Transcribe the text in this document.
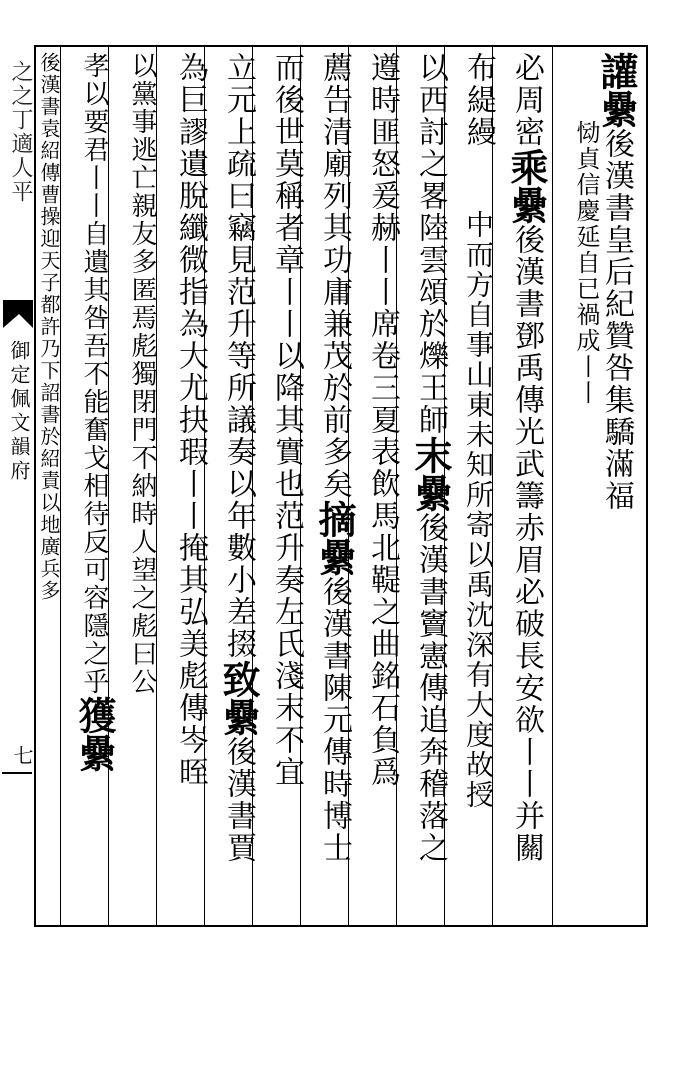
之之丁適人平
御定佩文韻府
七
讙纍後漢書皇后紀贊咎集驕滿福
恸貞信慶延自已禍成丨丨
必周密乘纍後漢書鄧禹傳光武籌赤眉必破長安欲丨丨并關
布緹縵
中而方自事山東未知所寄以禹沈深有大度故授
以西討之畧陸雲頌於爍王師末纍後漢書竇憲傳追奔稽落之
遵時匪怒爰赫丨丨席卷三夏表飲馬北鞮之曲銘石負爲
薦告清廟列其功庸兼茂於前多矣摘纍後漢書陳元傳時博士
而後世莫稱者章丨丨以降其實也范升奏左氏淺末不宜
立元上疏曰竊見范升等所議奏以年數小差掇致纍後漢書賈
為巨謬遺脫纖微指為大尤抉瑕丨丨掩其弘美彪傳岑晊
以黨事逃亡親友多匿焉彪獨閉門不納時人望之彪曰公
孝以要君丨丨自遺其咎吾不能奮戈相待反可容隱之乎獲纍
後漢書袁紹傳曹操迎天子都許乃下詔書於紹責以地廣兵多
